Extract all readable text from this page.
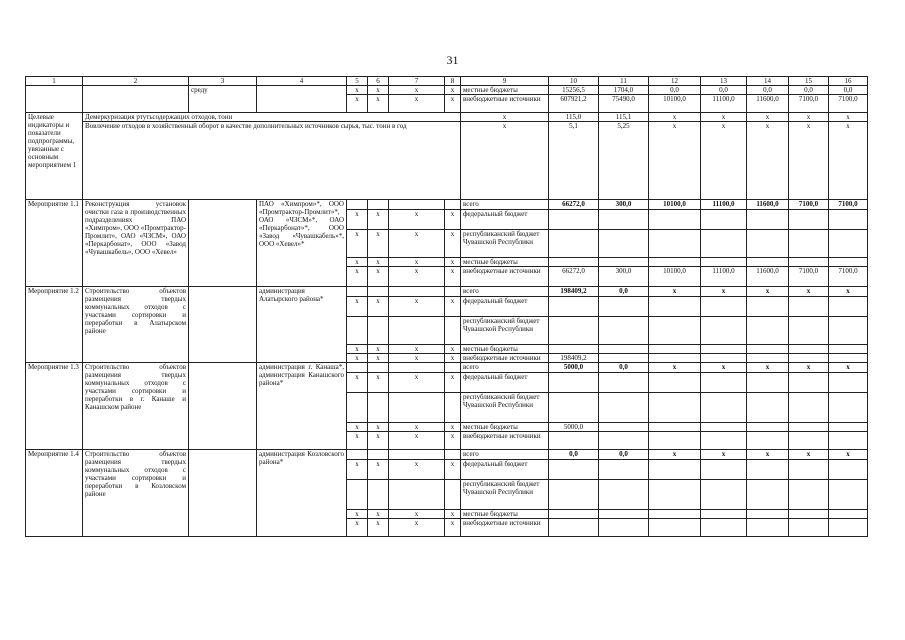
31
1	2	3	4	5	6	7	8	9	10	11	12	13	14	15	16
		среду		x	x	x	x	местные бюджеты	15256,5	1704,0	0,0	0,0	0,0	0,0	0,0
				x	x	x	x	внебюджетные источники	607921,2	75490,0	10100,0	11100,0	11600,0	7100,0	7100,0
Целевые индикаторы и показатели подпрограммы, увязанные с основным мероприятием 1	Демеркуризация ртутьсодержащих отходов, тонн							x	115,0	115,1	x	x	x	x	x
	Вовлечение отходов в хозяйственный оборот в качестве дополнительных источников сырья, тыс. тонн в год							x	5,1	5,25	x	x	x	x	x
Мероприятие 1.1	Реконструкция установок очистки газа в производственных подразделениях ПАО «Химпром», ООО «Промтрактор-Промлит», ОАО «ЧЗСМ», ОАО «Перкарбонат», ООО «Завод «Чувашкабель», ООО «Хевел»		ПАО «Химпром»*, ООО «Промтрактор-Промлит»*, ОАО «ЧЗСМ»*, ОАО «Перкарбонат»*, ООО «Завод «Чувашкабель»*, ООО «Хевел»*					всего	66272,0	300,0	10100,0	11100,0	11600,0	7100,0	7100,0
				x	x	x	x	федеральный бюджет							
				x	x	x	x	республиканский бюджет Чувашской Республики							
				x	x	x	x	местные бюджеты							
				x	x	x	x	внебюджетные источники	66272,0	300,0	10100,0	11100,0	11600,0	7100,0	7100,0
Мероприятие 1.2	Строительство объектов размещения твердых коммунальных отходов с участками сортировки и переработки в Алатырском районе		администрация Алатырского района*					всего	198409,2	0,0	x	x	x	x	x
				x	x	x	x	федеральный бюджет							
								республиканский бюджет Чувашской Республики							
				x	x	x	x	местные бюджеты							
				x	x	x	x	внебюджетные источники	198409,2						
Мероприятие 1.3	Строительство объектов размещения твердых коммунальных отходов с участками сортировки и переработки в г. Канаше и Канашском районе		администрация г. Канаша*, администрация Канашского района*					всего	5000,0	0,0	x	x	x	x	x
				x	x	x	x	федеральный бюджет							
								республиканский бюджет Чувашской Республики							
				x	x	x	x	местные бюджеты	5000,0						
				x	x	x	x	внебюджетные источники							
Мероприятие 1.4	Строительство объектов размещения твердых коммунальных отходов с участками сортировки и переработки в Козловском районе		администрация Козловского района*					всего	0,0	0,0	x	x	x	x	x
				x	x	x	x	федеральный бюджет							
								республиканский бюджет Чувашской Республики							
				x	x	x	x	местные бюджеты							
				x	x	x	x	внебюджетные источники							
